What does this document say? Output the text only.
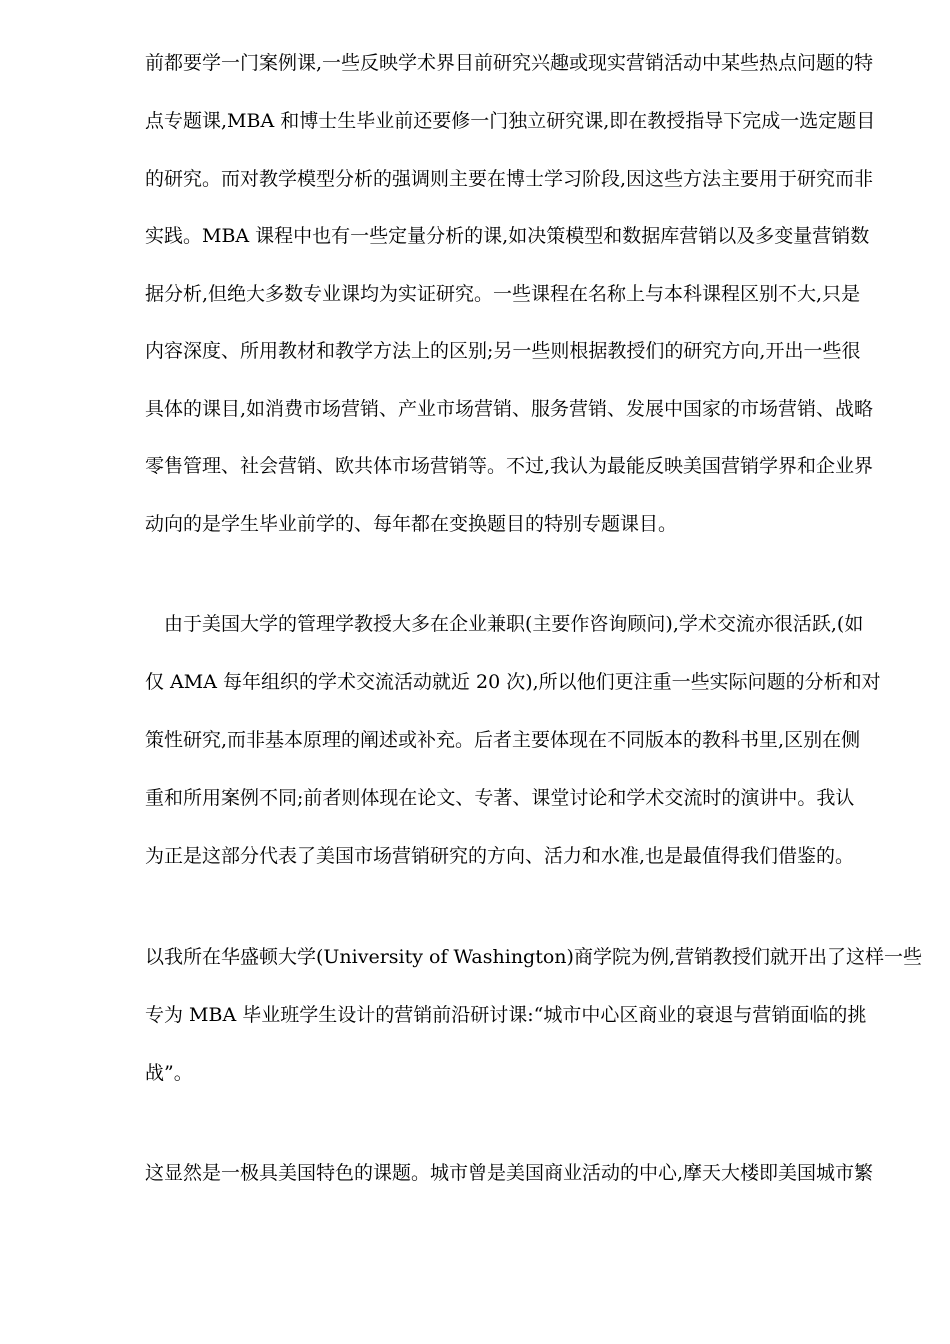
前都要学一门案例课,一些反映学术界目前研究兴趣或现实营销活动中某些热点问题的特
点专题课,MBA 和博士生毕业前还要修一门独立研究课,即在教授指导下完成一选定题目
的研究。而对教学模型分析的强调则主要在博士学习阶段,因这些方法主要用于研究而非
实践。MBA 课程中也有一些定量分析的课,如决策模型和数据库营销以及多变量营销数
据分析,但绝大多数专业课均为实证研究。一些课程在名称上与本科课程区别不大,只是
内容深度、所用教材和教学方法上的区别;另一些则根据教授们的研究方向,开出一些很
具体的课目,如消费市场营销、产业市场营销、服务营销、发展中国家的市场营销、战略
零售管理、社会营销、欧共体市场营销等。不过,我认为最能反映美国营销学界和企业界
动向的是学生毕业前学的、每年都在变换题目的特别专题课目。
　由于美国大学的管理学教授大多在企业兼职(主要作咨询顾问),学术交流亦很活跃,(如
仅 AMA 每年组织的学术交流活动就近 20 次),所以他们更注重一些实际问题的分析和对
策性研究,而非基本原理的阐述或补充。后者主要体现在不同版本的教科书里,区别在侧
重和所用案例不同;前者则体现在论文、专著、课堂讨论和学术交流时的演讲中。我认
为正是这部分代表了美国市场营销研究的方向、活力和水准,也是最值得我们借鉴的。
以我所在华盛顿大学(University of Washington)商学院为例,营销教授们就开出了这样一些
专为 MBA 毕业班学生设计的营销前沿研讨课:“城市中心区商业的衰退与营销面临的挑
战”。
这显然是一极具美国特色的课题。城市曾是美国商业活动的中心,摩天大楼即美国城市繁
